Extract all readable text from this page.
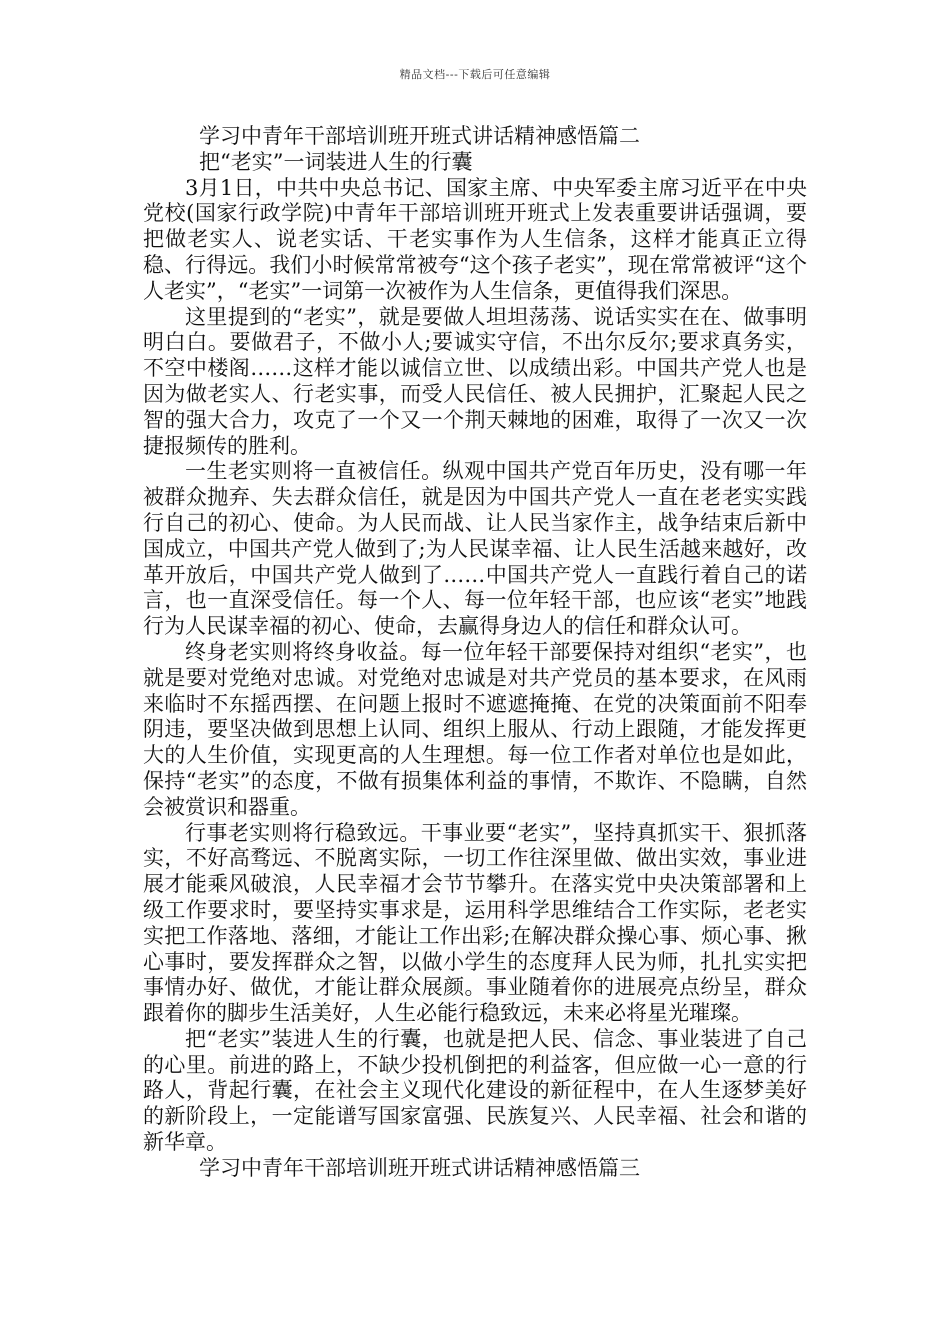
精品文档---下载后可任意编辑

学习中青年干部培训班开班式讲话精神感悟篇二

把“老实”一词装进人生的行囊

3月1日，中共中央总书记、国家主席、中央军委主席习近平在中央党校(国家行政学院)中青年干部培训班开班式上发表重要讲话强调，要把做老实人、说老实话、干老实事作为人生信条，这样才能真正立得稳、行得远。我们小时候常常被夸“这个孩子老实”，现在常常被评“这个人老实”，“老实”一词第一次被作为人生信条，更值得我们深思。

这里提到的“老实”，就是要做人坦坦荡荡、说话实实在在、做事明明白白。要做君子，不做小人;要诚实守信，不出尔反尔;要求真务实，不空中楼阁……这样才能以诚信立世、以成绩出彩。中国共产党人也是因为做老实人、行老实事，而受人民信任、被人民拥护，汇聚起人民之智的强大合力，攻克了一个又一个荆天棘地的困难，取得了一次又一次捷报频传的胜利。

一生老实则将一直被信任。纵观中国共产党百年历史，没有哪一年被群众抛弃、失去群众信任，就是因为中国共产党人一直在老老实实践行自己的初心、使命。为人民而战、让人民当家作主，战争结束后新中国成立，中国共产党人做到了;为人民谋幸福、让人民生活越来越好，改革开放后，中国共产党人做到了……中国共产党人一直践行着自己的诺言，也一直深受信任。每一个人、每一位年轻干部，也应该“老实”地践行为人民谋幸福的初心、使命，去赢得身边人的信任和群众认可。

终身老实则将终身收益。每一位年轻干部要保持对组织“老实”，也就是要对党绝对忠诚。对党绝对忠诚是对共产党员的基本要求，在风雨来临时不东摇西摆、在问题上报时不遮遮掩掩、在党的决策面前不阳奉阴违，要坚决做到思想上认同、组织上服从、行动上跟随，才能发挥更大的人生价值，实现更高的人生理想。每一位工作者对单位也是如此，保持“老实”的态度，不做有损集体利益的事情，不欺诈、不隐瞒，自然会被赏识和器重。

行事老实则将行稳致远。干事业要“老实”，坚持真抓实干、狠抓落实，不好高骛远、不脱离实际，一切工作往深里做、做出实效，事业进展才能乘风破浪，人民幸福才会节节攀升。在落实党中央决策部署和上级工作要求时，要坚持实事求是，运用科学思维结合工作实际，老老实实把工作落地、落细，才能让工作出彩;在解决群众操心事、烦心事、揪心事时，要发挥群众之智，以做小学生的态度拜人民为师，扎扎实实把事情办好、做优，才能让群众展颜。事业随着你的进展亮点纷呈，群众跟着你的脚步生活美好，人生必能行稳致远，未来必将星光璀璨。

把“老实”装进人生的行囊，也就是把人民、信念、事业装进了自己的心里。前进的路上，不缺少投机倒把的利益客，但应做一心一意的行路人，背起行囊，在社会主义现代化建设的新征程中，在人生逐梦美好的新阶段上，一定能谱写国家富强、民族复兴、人民幸福、社会和谐的新华章。

学习中青年干部培训班开班式讲话精神感悟篇三
